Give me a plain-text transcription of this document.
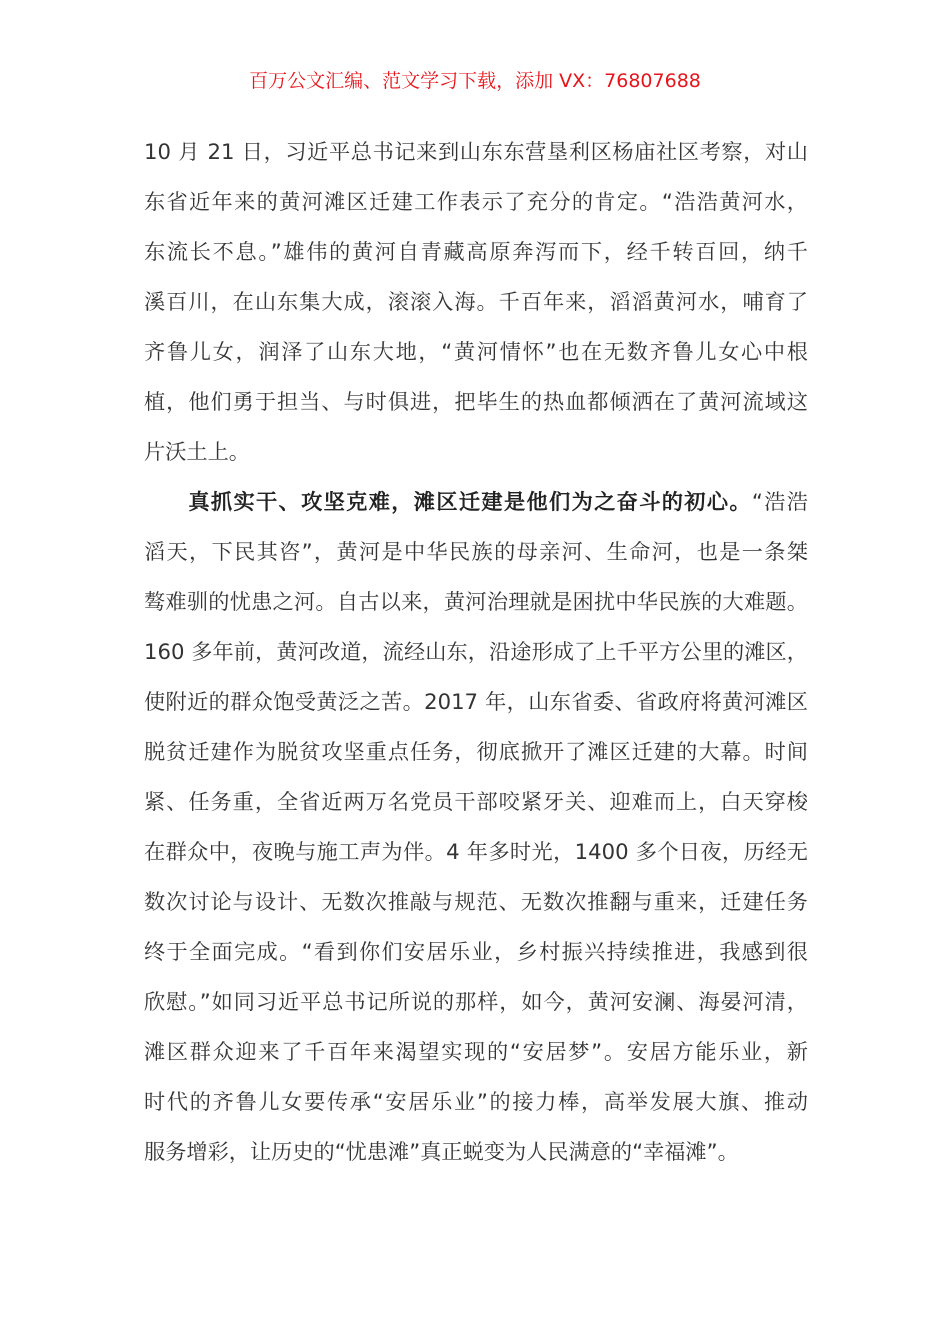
百万公文汇编、范文学习下载，添加 VX：76807688
10 月 21 日，习近平总书记来到山东东营垦利区杨庙社区考察，对山
东省近年来的黄河滩区迁建工作表示了充分的肯定。“浩浩黄河水，
东流长不息。”雄伟的黄河自青藏高原奔泻而下，经千转百回，纳千
溪百川，在山东集大成，滚滚入海。千百年来，滔滔黄河水，哺育了
齐鲁儿女，润泽了山东大地，“黄河情怀”也在无数齐鲁儿女心中根
植，他们勇于担当、与时俱进，把毕生的热血都倾洒在了黄河流域这
片沃土上。
真抓实干、攻坚克难，滩区迁建是他们为之奋斗的初心。“浩浩
滔天，下民其咨”，黄河是中华民族的母亲河、生命河，也是一条桀
骜难驯的忧患之河。自古以来，黄河治理就是困扰中华民族的大难题。
160 多年前，黄河改道，流经山东，沿途形成了上千平方公里的滩区，
使附近的群众饱受黄泛之苦。2017 年，山东省委、省政府将黄河滩区
脱贫迁建作为脱贫攻坚重点任务，彻底掀开了滩区迁建的大幕。时间
紧、任务重，全省近两万名党员干部咬紧牙关、迎难而上，白天穿梭
在群众中，夜晚与施工声为伴。4 年多时光，1400 多个日夜，历经无
数次讨论与设计、无数次推敲与规范、无数次推翻与重来，迁建任务
终于全面完成。“看到你们安居乐业，乡村振兴持续推进，我感到很
欣慰。”如同习近平总书记所说的那样，如今，黄河安澜、海晏河清，
滩区群众迎来了千百年来渴望实现的“安居梦”。安居方能乐业，新
时代的齐鲁儿女要传承“安居乐业”的接力棒，高举发展大旗、推动
服务增彩，让历史的“忧患滩”真正蜕变为人民满意的“幸福滩”。
